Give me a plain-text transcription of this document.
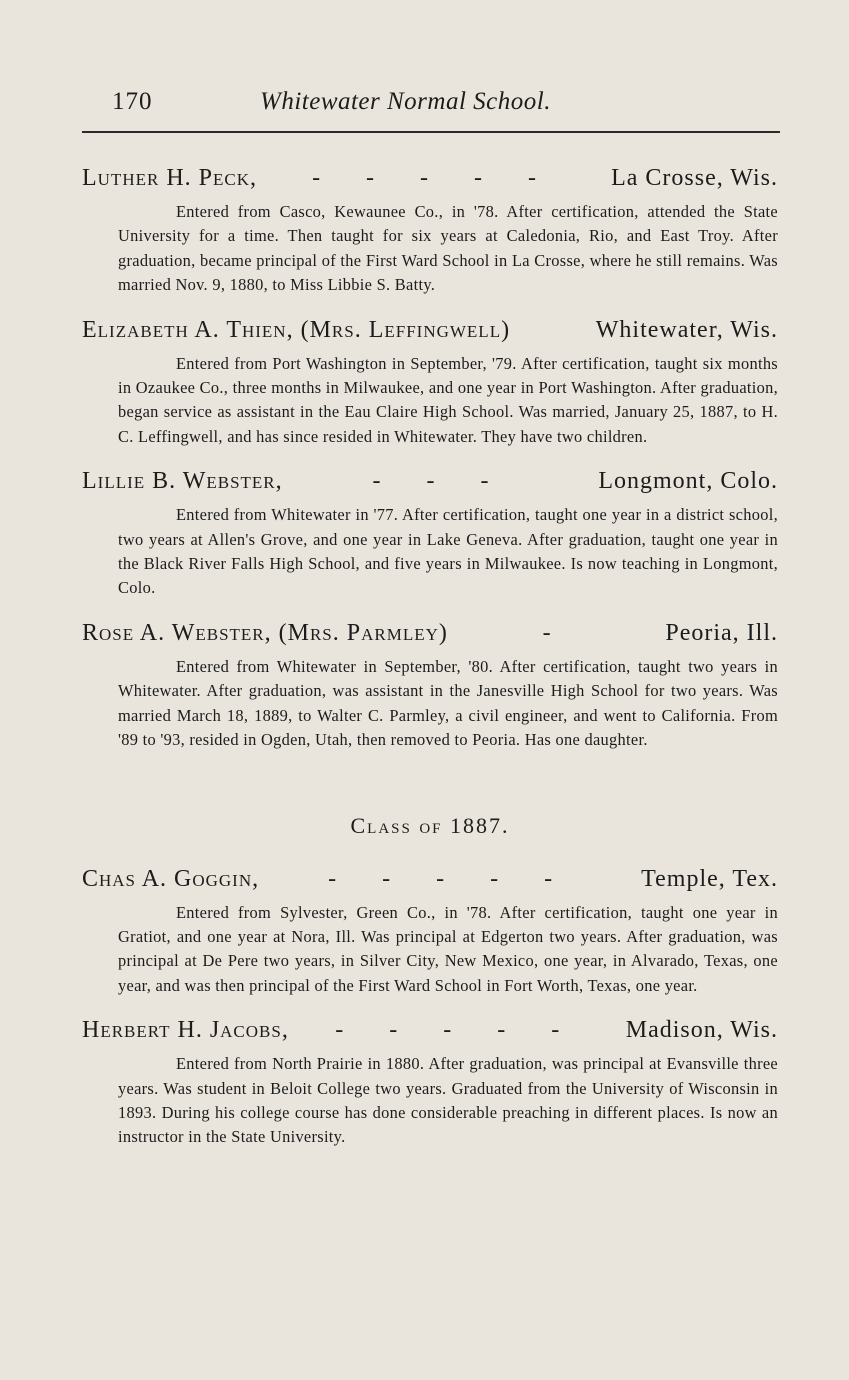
170	Whitewater Normal School.
Luther H. Peck,	- - - - -	La Crosse, Wis.

Entered from Casco, Kewaunee Co., in '78. After certification, attended the State University for a time. Then taught for six years at Caledonia, Rio, and East Troy. After graduation, became principal of the First Ward School in La Crosse, where he still remains. Was married Nov. 9, 1880, to Miss Libbie S. Batty.

Elizabeth A. Thien, (Mrs. Leffingwell)	Whitewater, Wis.

Entered from Port Washington in September, '79. After certification, taught six months in Ozaukee Co., three months in Milwaukee, and one year in Port Washington. After graduation, began service as assistant in the Eau Claire High School. Was married, January 25, 1887, to H. C. Leffingwell, and has since resided in Whitewater. They have two children.

Lillie B. Webster,	- - -	Longmont, Colo.

Entered from Whitewater in '77. After certification, taught one year in a district school, two years at Allen's Grove, and one year in Lake Geneva. After graduation, taught one year in the Black River Falls High School, and five years in Milwaukee. Is now teaching in Longmont, Colo.

Rose A. Webster, (Mrs. Parmley)	-	Peoria, Ill.

Entered from Whitewater in September, '80. After certification, taught two years in Whitewater. After graduation, was assistant in the Janesville High School for two years. Was married March 18, 1889, to Walter C. Parmley, a civil engineer, and went to California. From '89 to '93, resided in Ogden, Utah, then removed to Peoria. Has one daughter.

Class of 1887.
Chas A. Goggin,	- - - - -	Temple, Tex.

Entered from Sylvester, Green Co., in '78. After certification, taught one year in Gratiot, and one year at Nora, Ill. Was principal at Edgerton two years. After graduation, was principal at De Pere two years, in Silver City, New Mexico, one year, in Alvarado, Texas, one year, and was then principal of the First Ward School in Fort Worth, Texas, one year.

Herbert H. Jacobs,	- - - - -	Madison, Wis.

Entered from North Prairie in 1880. After graduation, was principal at Evansville three years. Was student in Beloit College two years. Graduated from the University of Wisconsin in 1893. During his college course has done considerable preaching in different places. Is now an instructor in the State University.
